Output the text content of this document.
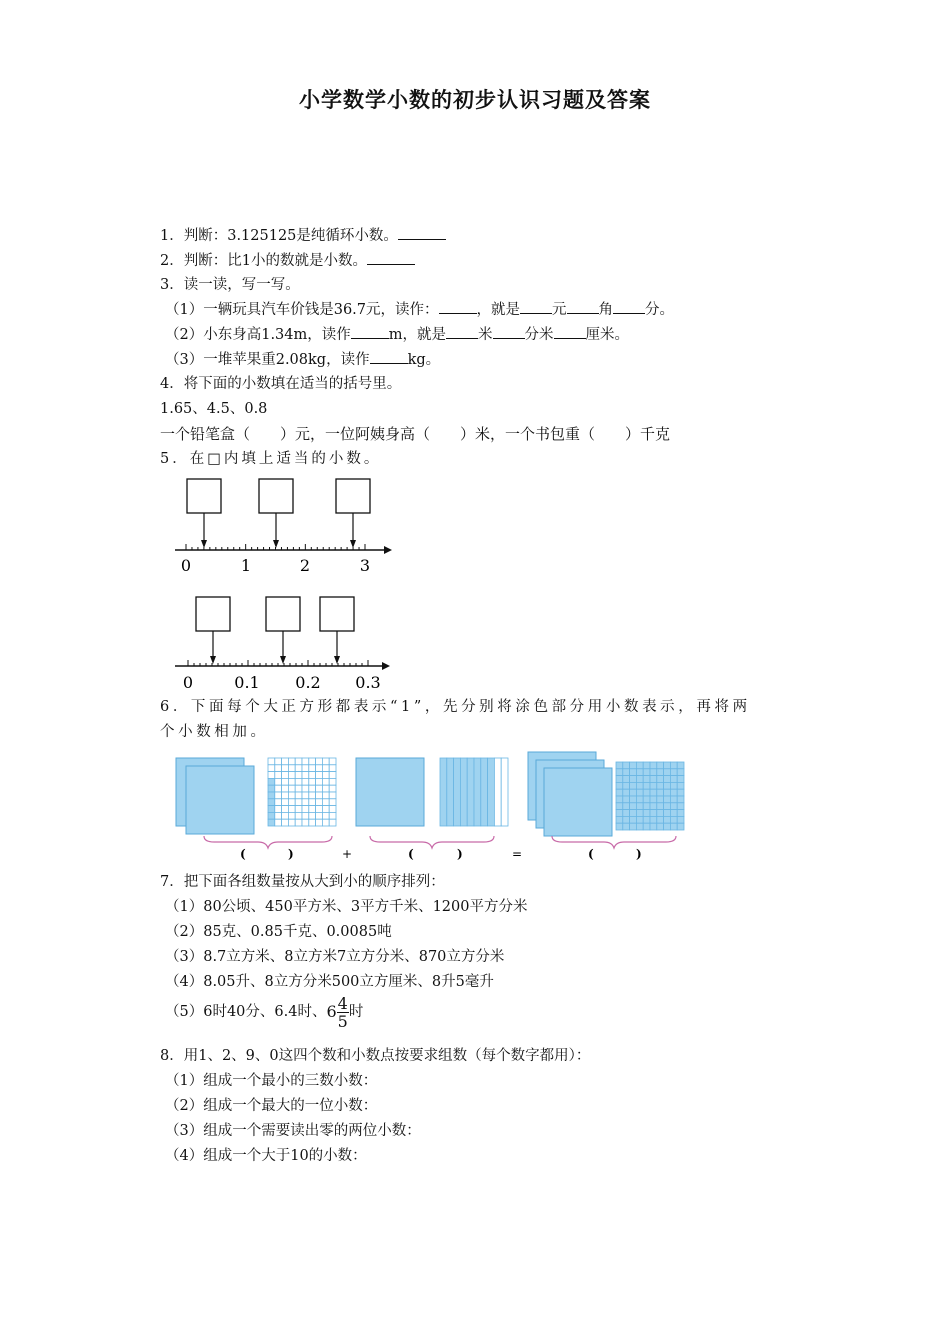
小学数学小数的初步认识习题及答案
1．判断：3.125125是纯循环小数。
2．判断：比1小的数就是小数。
3．读一读，写一写。
（1）一辆玩具汽车价钱是36.7元，读作：	，就是 元 角 分。
（2）小东身高1.34m，读作	m，就是 米 分米 厘米。
（3）一堆苹果重2.08kg，读作	kg。
4．将下面的小数填在适当的括号里。
1.65、4.5、0.8
一个铅笔盒（　　）元，一位阿姨身高（　　）米，一个书包重（　　）千克
5．在□内填上适当的小数。
0	1	2	3
0	0.1 0.2 0.3
6．下面每个大正方形都表示“1”，先分别将涂色部分用小数表示，再将两
个小数相加。
(	)	+	(	)	=	(	)
7．把下面各组数量按从大到小的顺序排列：
（1）80公顷、450平方米、3平方千米、1200平方分米
（2）85克、0.85千克、0.0085吨
（3）8.7立方米、8立方米7立方分米、870立方分米
（4）8.05升、8立方分米500立方厘米、8升5毫升
（5）6时40分、6.4时、$6 \frac{4}{5}$ 时
8．用1、2、9、0这四个数和小数点按要求组数（每个数字都用）：
（1）组成一个最小的三数小数：
（2）组成一个最大的一位小数：
（3）组成一个需要读出零的两位小数：
（4）组成一个大于10的小数：
